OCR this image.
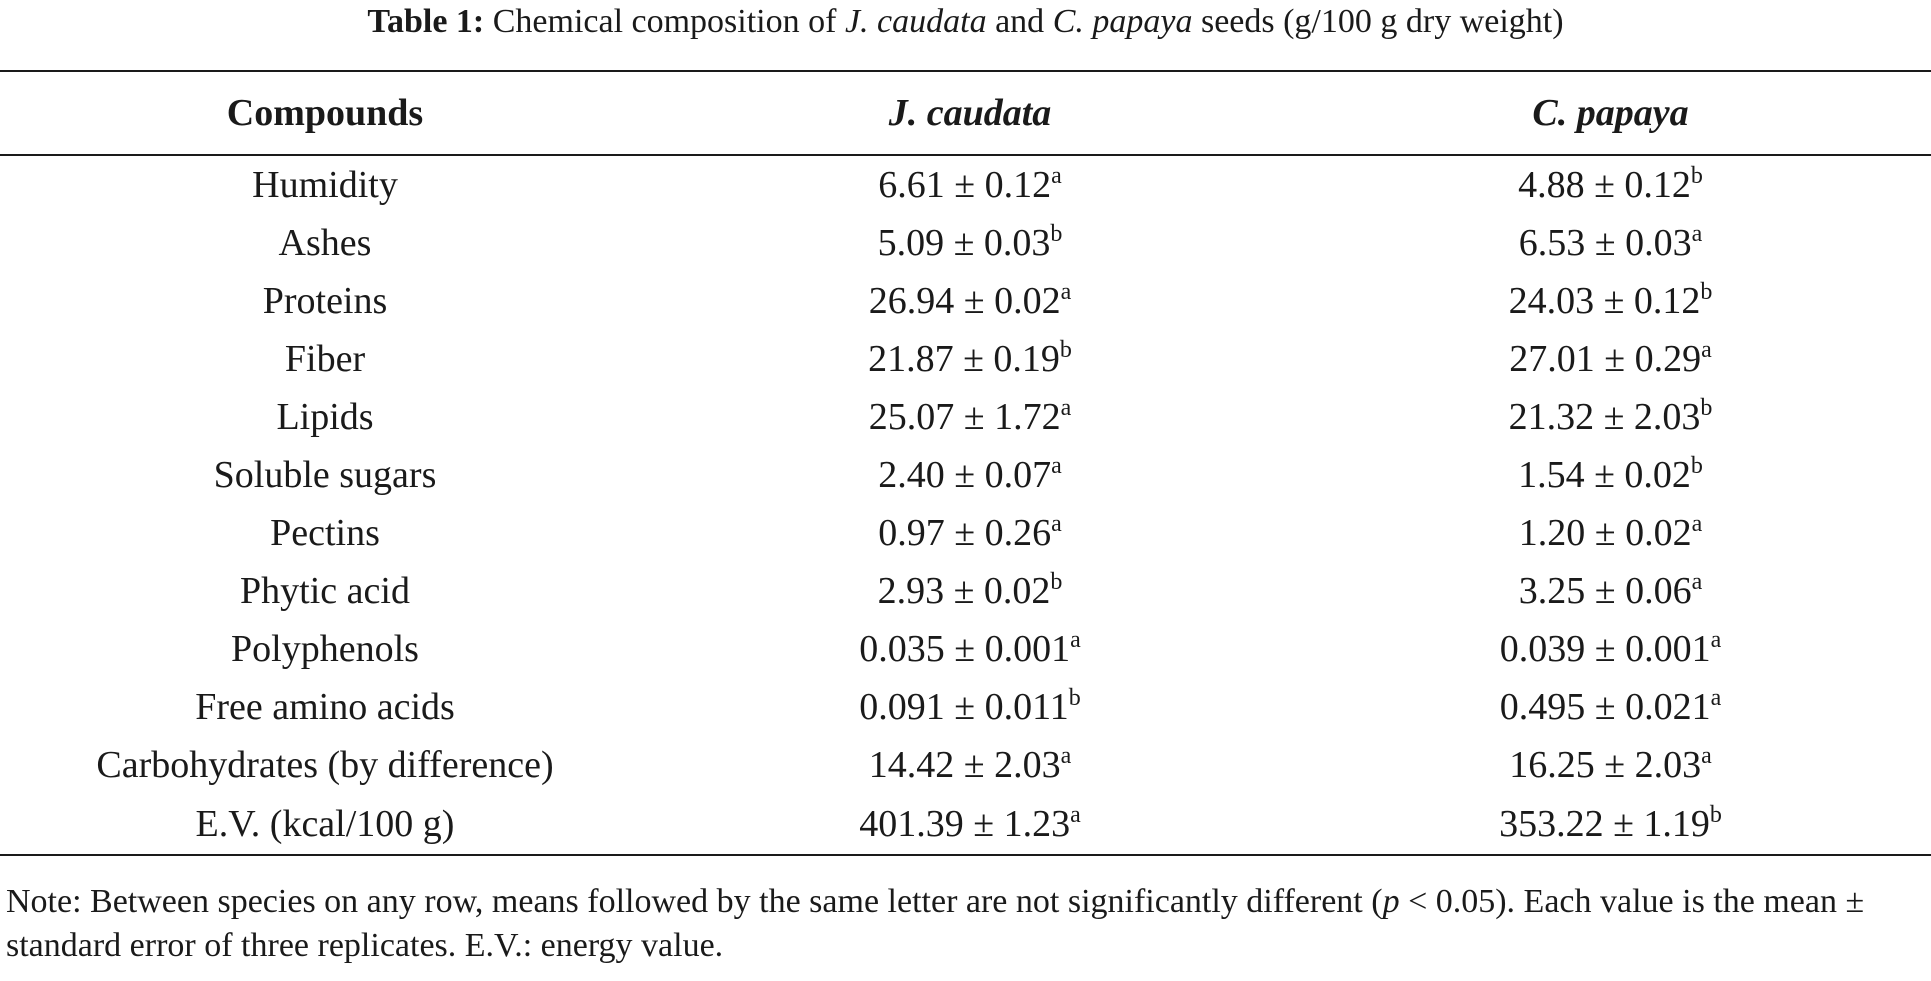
Table 1: Chemical composition of J. caudata and C. papaya seeds (g/100 g dry weight)
Compounds	J. caudata	C. papaya
Humidity	6.61 ± 0.12$^a$	4.88 ± 0.12$^b$
Ashes	5.09 ± 0.03$^b$	6.53 ± 0.03$^a$
Proteins	26.94 ± 0.02$^a$	24.03 ± 0.12$^b$
Fiber	21.87 ± 0.19$^b$	27.01 ± 0.29$^a$
Lipids	25.07 ± 1.72$^a$	21.32 ± 2.03$^b$
Soluble sugars	2.40 ± 0.07$^a$	1.54 ± 0.02$^b$
Pectins	0.97 ± 0.26$^a$	1.20 ± 0.02$^a$
Phytic acid	2.93 ± 0.02$^b$	3.25 ± 0.06$^a$
Polyphenols	0.035 ± 0.001$^a$	0.039 ± 0.001$^a$
Free amino acids	0.091 ± 0.011$^b$	0.495 ± 0.021$^a$
Carbohydrates (by difference)	14.42 ± 2.03$^a$	16.25 ± 2.03$^a$
E.V. (kcal/100 g)	401.39 ± 1.23$^a$	353.22 ± 1.19$^b$
Note: Between species on any row, means followed by the same letter are not significantly different (p < 0.05). Each value is the mean ± standard error of three replicates. E.V.: energy value.
